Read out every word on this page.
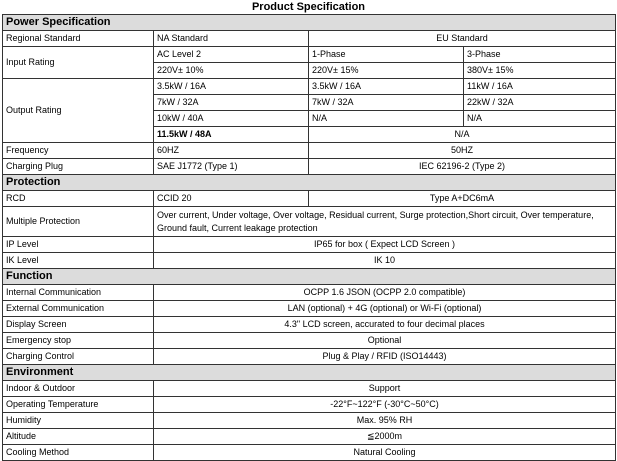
Product Specification
Power Specification			
Regional Standard	NA Standard	EU Standard	
Input Rating	AC Level 2	1-Phase	3-Phase
	220V± 10%	220V± 15%	380V± 15%
Output Rating	3.5kW / 16A	3.5kW / 16A	11kW / 16A
	7kW / 32A	7kW / 32A	22kW / 32A
	10kW / 40A	N/A	N/A
	11.5kW / 48A	N/A	
Frequency	60HZ	50HZ	
Charging Plug	SAE J1772 (Type 1)	IEC 62196-2 (Type 2)	
Protection			
RCD	CCID 20	Type A+DC6mA	
Multiple Protection	Over current, Under voltage, Over voltage, Residual current, Surge protection,Short circuit, Over temperature, Ground fault, Current leakage protection		
IP Level	IP65 for box ( Expect LCD Screen )		
IK Level	IK 10		
Function			
Internal Communication	OCPP 1.6 JSON (OCPP 2.0 compatible)		
External Communication	LAN (optional) + 4G (optional) or Wi-Fi (optional)		
Display Screen	4.3" LCD screen, accurated to four decimal places		
Emergency stop	Optional		
Charging Control	Plug & Play / RFID (ISO14443)		
Environment			
Indoor & Outdoor	Support		
Operating Temperature	-22°F~122°F (-30°C~50°C)		
Humidity	Max. 95% RH		
Altitude	≦2000m		
Cooling Method	Natural Cooling		
